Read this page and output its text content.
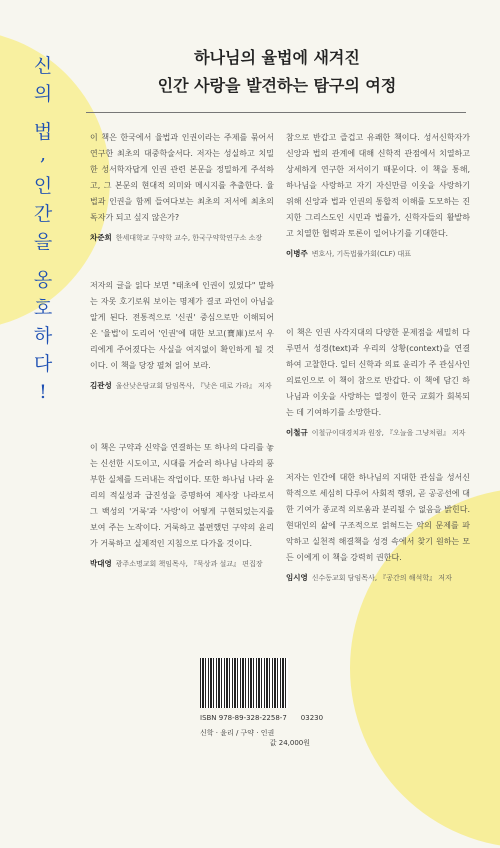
신
의
법
,
인
간
을
옹
호
하
다
!
하나님의 율법에 새겨진
인간 사랑을 발견하는 탐구의 여정

이 책은 한국에서 율법과 인권이라는 주제를 묶어서 연구한 최초의 대중학술서다. 저자는 성실하고 치밀한 성서학자답게 인권 관련 본문을 정밀하게 주석하고, 그 본문의 현대적 의미와 메시지를 추출한다. 율법과 인권을 함께 들여다보는 최초의 저서에 최초의 독자가 되고 싶지 않은가?

차준희 한세대학교 구약학 교수, 한국구약학연구소 소장

저자의 글을 읽다 보면 "태초에 인권이 있었다" 말하는 자못 호기로워 보이는 명제가 결코 과언이 아님을 알게 된다. 전통적으로 '신권' 중심으로만 이해되어 온 '율법'이 도리어 '인권'에 대한 보고(寶庫)로서 우리에게 주어졌다는 사실을 여지없이 확인하게 될 것이다. 이 책을 당장 펼쳐 읽어 보라.

김관성 울산낮은담교회 담임목사, 『낮은 데로 가라』 저자

이 책은 구약과 신약을 연결하는 또 하나의 다리를 놓는 신선한 시도이고, 시대를 거슬러 하나님 나라의 풍부한 실체를 드러내는 작업이다. 또한 하나님 나라 윤리의 적실성과 급진성을 증명하여 제사장 나라로서 그 백성의 '거룩'과 '사랑'이 어떻게 구현되었는지를 보여 주는 노작이다. 거룩하고 불편했던 구약의 윤리가 거룩하고 실제적인 지침으로 다가올 것이다.

박대영 광주소명교회 책임목사, 『묵상과 설교』 편집장

참으로 반갑고 즐겁고 유쾌한 책이다. 성서신학자가 신앙과 법의 관계에 대해 신학적 관점에서 치열하고 상세하게 연구한 저서이기 때문이다. 이 책을 통해, 하나님을 사랑하고 자기 자신만큼 이웃을 사랑하기 위해 신앙과 법과 인권의 통합적 이해를 도모하는 진지한 그리스도인 시민과 법률가, 신학자들의 활발하고 치열한 협력과 토론이 일어나기를 기대한다.

이병주 변호사, 기독법률가회(CLF) 대표

이 책은 인권 사각지대의 다양한 문제점을 세밀히 다루면서 성경(text)과 우리의 상황(context)을 연결하여 고찰한다. 일터 신학과 의료 윤리가 주 관심사인 의료인으로 이 책이 참으로 반갑다. 이 책에 담긴 하나님과 이웃을 사랑하는 열정이 한국 교회가 회복되는 데 기여하기를 소망한다.

이철규 이철규이대경치과 원장, 『오늘을 그냥처럼』 저자

저자는 인간에 대한 하나님의 지대한 관심을 성서신학적으로 세심히 다루어 사회적 행위, 곧 공공선에 대한 기여가 종교적 의로움과 분리될 수 없음을 밝힌다. 현대인의 삶에 구조적으로 얽혀드는 악의 문제를 파악하고 실천적 해결책을 성경 속에서 찾기 원하는 모든 이에게 이 책을 강력히 권한다.

임시영 신수동교회 담임목사, 『공간의 해석학』 저자
ISBN 978-89-328-2258-7 03230
신학 · 윤리 / 구약 · 인권
값 24,000원
